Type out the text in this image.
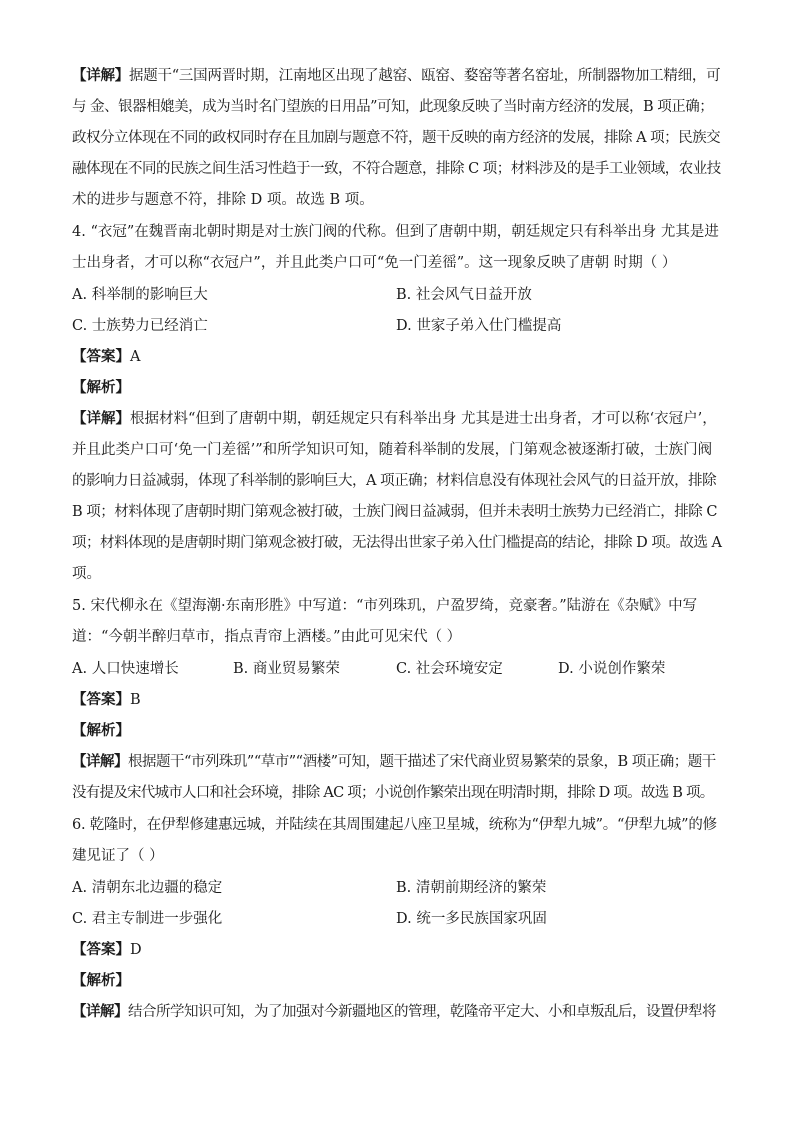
【详解】据题干“三国两晋时期，江南地区出现了越窑、瓯窑、婺窑等著名窑址，所制器物加工精细，可
与 金、银器相媲美，成为当时名门望族的日用品”可知，此现象反映了当时南方经济的发展，B 项正确；
政权分立体现在不同的政权同时存在且加剧与题意不符，题干反映的南方经济的发展，排除 A 项；民族交
融体现在不同的民族之间生活习性趋于一致，不符合题意，排除 C 项；材料涉及的是手工业领域，农业技
术的进步与题意不符，排除 D 项。故选 B 项。
4. “衣冠”在魏晋南北朝时期是对士族门阀的代称。但到了唐朝中期，朝廷规定只有科举出身 尤其是进
士出身者，才可以称“衣冠户”，并且此类户口可“免一门差徭”。这一现象反映了唐朝 时期（ ）
A. 科举制的影响巨大	B. 社会风气日益开放
C. 士族势力已经消亡	D. 世家子弟入仕门槛提高
【答案】A
【解析】
【详解】根据材料“但到了唐朝中期，朝廷规定只有科举出身 尤其是进士出身者，才可以称‘衣冠户’，
并且此类户口可‘免一门差徭’”和所学知识可知，随着科举制的发展，门第观念被逐渐打破，士族门阀
的影响力日益减弱，体现了科举制的影响巨大，A 项正确；材料信息没有体现社会风气的日益开放，排除
B 项；材料体现了唐朝时期门第观念被打破，士族门阀日益减弱，但并未表明士族势力已经消亡，排除 C
项；材料体现的是唐朝时期门第观念被打破，无法得出世家子弟入仕门槛提高的结论，排除 D 项。故选 A
项。
5. 宋代柳永在《望海潮·东南形胜》中写道：“市列珠玑，户盈罗绮，竞豪奢。”陆游在《杂赋》中写
道：“今朝半醉归草市，指点青帘上酒楼。”由此可见宋代（ ）
A. 人口快速增长	B. 商业贸易繁荣	C. 社会环境安定	D. 小说创作繁荣
【答案】B
【解析】
【详解】根据题干“市列珠玑”“草市”“酒楼”可知，题干描述了宋代商业贸易繁荣的景象，B 项正确；题干
没有提及宋代城市人口和社会环境，排除 AC 项；小说创作繁荣出现在明清时期，排除 D 项。故选 B 项。
6. 乾隆时，在伊犁修建惠远城，并陆续在其周围建起八座卫星城，统称为“伊犁九城”。“伊犁九城”的修
建见证了（ ）
A. 清朝东北边疆的稳定	B. 清朝前期经济的繁荣
C. 君主专制进一步强化	D. 统一多民族国家巩固
【答案】D
【解析】
【详解】结合所学知识可知，为了加强对今新疆地区的管理，乾隆帝平定大、小和卓叛乱后，设置伊犁将
